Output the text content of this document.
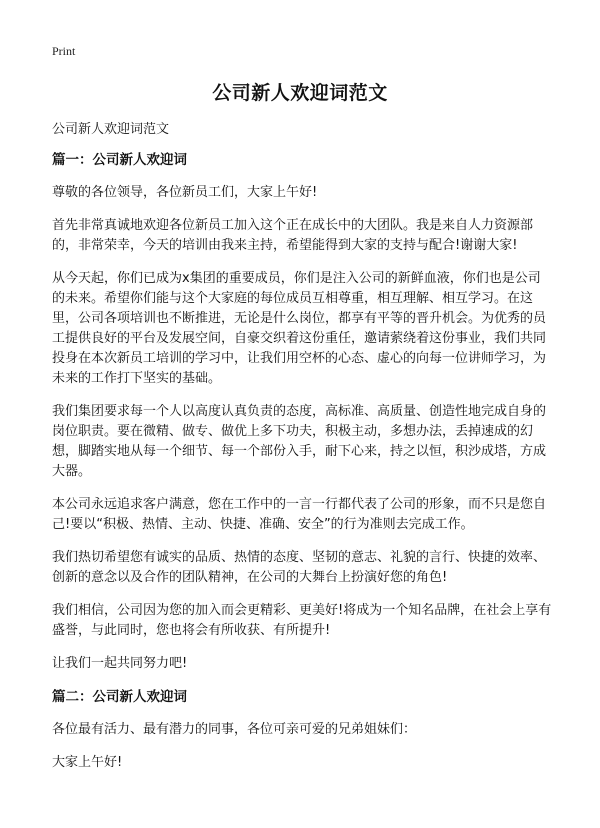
Print
公司新人欢迎词范文

公司新人欢迎词范文

篇一：公司新人欢迎词

尊敬的各位领导，各位新员工们，大家上午好!

首先非常真诚地欢迎各位新员工加入这个正在成长中的大团队。我是来自人力资源部的，非常荣幸，今天的培训由我来主持，希望能得到大家的支持与配合!谢谢大家!

从今天起，你们已成为x集团的重要成员，你们是注入公司的新鲜血液，你们也是公司的未来。希望你们能与这个大家庭的每位成员互相尊重，相互理解、相互学习。在这里，公司各项培训也不断推进，无论是什么岗位，都享有平等的晋升机会。为优秀的员工提供良好的平台及发展空间，自豪交织着这份重任，邀请萦绕着这份事业，我们共同投身在本次新员工培训的学习中，让我们用空杯的心态、虚心的向每一位讲师学习，为未来的工作打下坚实的基础。

我们集团要求每一个人以高度认真负责的态度，高标准、高质量、创造性地完成自身的岗位职责。要在微精、做专、做优上多下功夫，积极主动，多想办法，丢掉速成的幻想，脚踏实地从每一个细节、每一个部份入手，耐下心来，持之以恒，积沙成塔，方成大器。

本公司永远追求客户满意，您在工作中的一言一行都代表了公司的形象，而不只是您自己!要以“积极、热情、主动、快捷、准确、安全”的行为准则去完成工作。

我们热切希望您有诚实的品质、热情的态度、坚韧的意志、礼貌的言行、快捷的效率、创新的意念以及合作的团队精神，在公司的大舞台上扮演好您的角色!

我们相信，公司因为您的加入而会更精彩、更美好!将成为一个知名品牌，在社会上享有盛誉，与此同时，您也将会有所收获、有所提升!

让我们一起共同努力吧!

篇二：公司新人欢迎词

各位最有活力、最有潜力的同事，各位可亲可爱的兄弟姐妹们：

大家上午好!
